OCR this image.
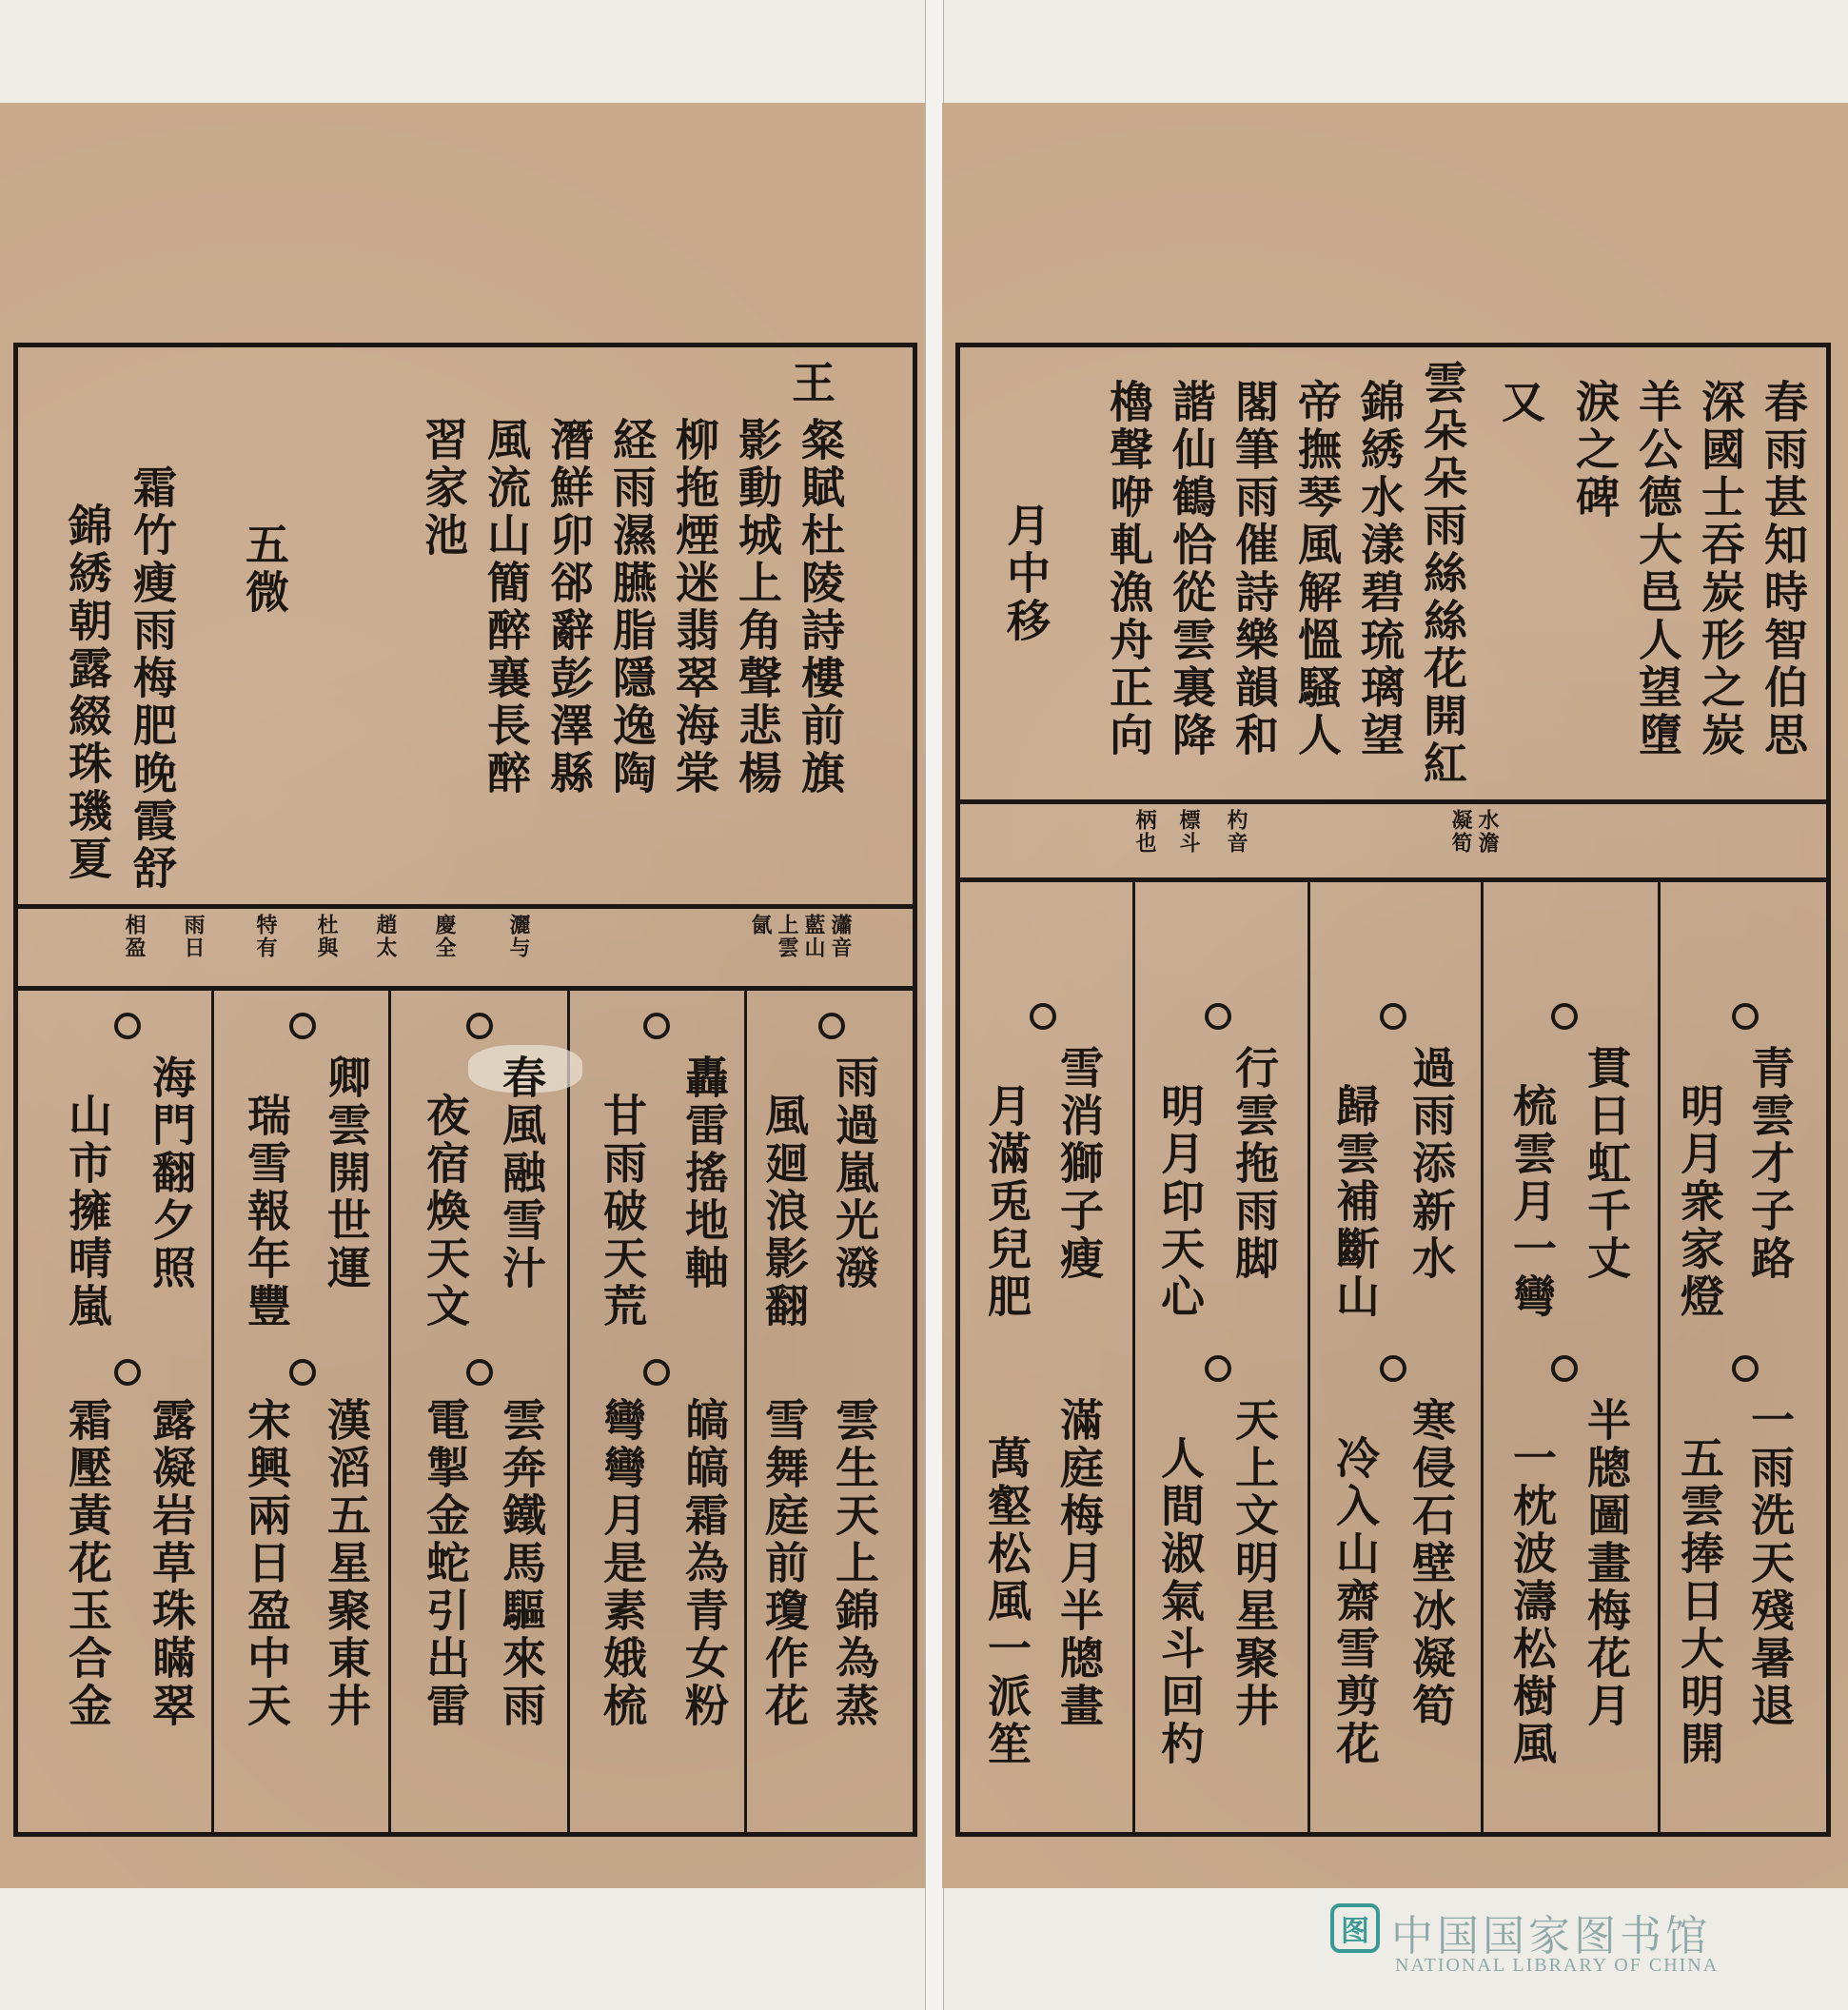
王
粲賦杜陵詩樓前旗
影動城上角聲悲楊
柳拖煙迷翡翠海棠
経雨濕臙脂隱逸陶
潛鮮卯郤辭彭澤縣
風流山簡醉襄長醉
習家池
五微
霜竹瘦雨梅肥晚霞舒
錦綉朝露綴珠璣夏
瀟音
藍山
上雲
氤
灑与
慶全
趙太
杜與
特有
雨日
相盈
雨過嵐光潑
風廻浪影翻
雲生天上錦為蒸
轟雷搖地軸
雪舞庭前瓊作花
甘雨破天荒
皜皜霜為青女粉
彎彎月是素娥梳
春風融雪汁
夜宿煥天文
雲奔鐵馬驅來雨
電掣金蛇引出雷
卿雲開世運
漢滔五星聚東井
瑞雪報年豐
宋興兩日盈中天
海門翻夕照
露凝岩草珠瞞翠
山市擁晴嵐
霜壓黃花玉合金
春雨甚知時智伯思
深國士吞炭形之炭
羊公德大邑人望墮
淚之碑
又
雲朵朵雨絲絲花開紅
錦綉水漾碧琉璃望
帝撫琴風解慍騷人
閣筆雨催詩樂韻和
諧仙鶴恰從雲裏降
櫓聲咿軋漁舟正向
月中移
水澹
凝筍
杓音
標斗
柄也
青雲才子路
一雨洗天殘暑退
明月衆家燈
五雲捧日大明開
貫日虹千丈
半牕圖畫梅花月
梳雲月一彎
一枕波濤松樹風
過雨添新水
寒侵石壁冰凝筍
歸雲補斷山
冷入山齋雪剪花
行雲拖雨脚
天上文明星聚井
明月印天心
人間淑氣斗回杓
雪消獅子瘦
滿庭梅月半牕畫
月滿兎兒肥
萬壑松風一派笙
图 中国国家图书馆
NATIONAL LIBRARY OF CHINA
